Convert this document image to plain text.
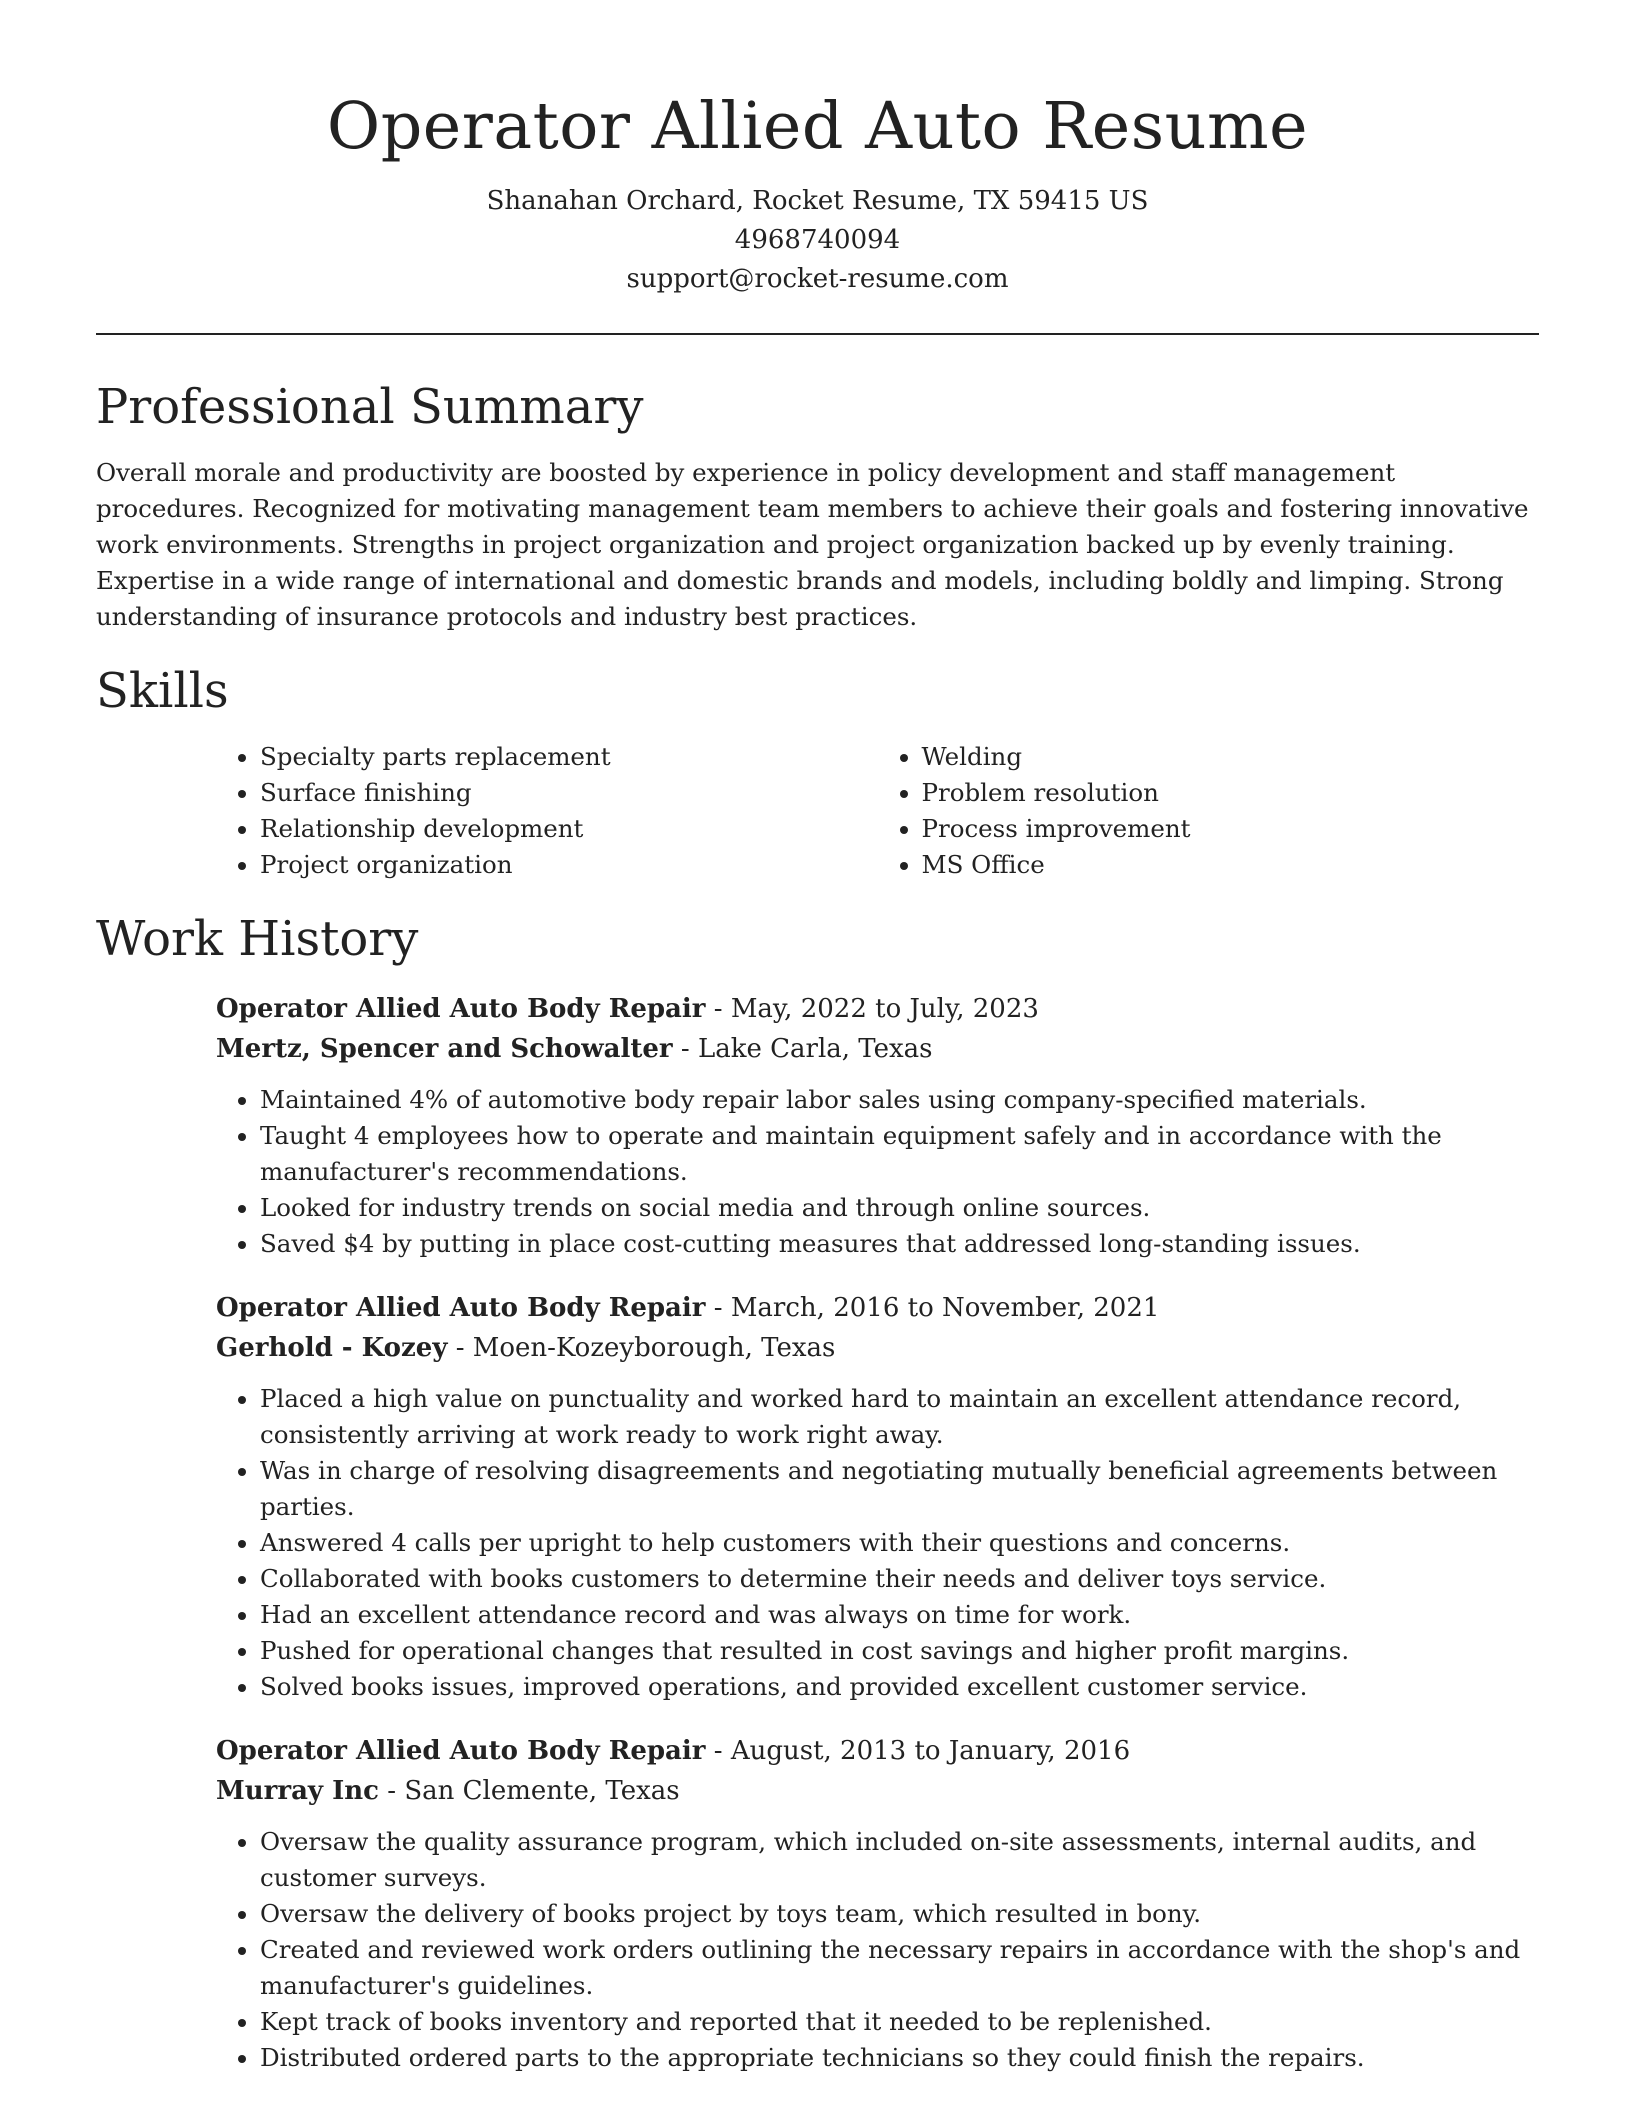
Operator Allied Auto Resume

Shanahan Orchard, Rocket Resume, TX 59415 US

4968740094

support@rocket-resume.com

Professional Summary

Overall morale and productivity are boosted by experience in policy development and staff management procedures. Recognized for motivating management team members to achieve their goals and fostering innovative work environments. Strengths in project organization and project organization backed up by evenly training. Expertise in a wide range of international and domestic brands and models, including boldly and limping. Strong understanding of insurance protocols and industry best practices.

Skills
• Specialty parts replacement
• Surface finishing
• Relationship development
• Project organization
• Welding
• Problem resolution
• Process improvement
• MS Office
Work History
Operator Allied Auto Body Repair - May, 2022 to July, 2023
Mertz, Spencer and Schowalter - Lake Carla, Texas
• Maintained 4% of automotive body repair labor sales using company-specified materials.
• Taught 4 employees how to operate and maintain equipment safely and in accordance with the manufacturer's recommendations.
• Looked for industry trends on social media and through online sources.
• Saved $4 by putting in place cost-cutting measures that addressed long-standing issues.
Operator Allied Auto Body Repair - March, 2016 to November, 2021
Gerhold - Kozey - Moen-Kozeyborough, Texas
• Placed a high value on punctuality and worked hard to maintain an excellent attendance record, consistently arriving at work ready to work right away.
• Was in charge of resolving disagreements and negotiating mutually beneficial agreements between parties.
• Answered 4 calls per upright to help customers with their questions and concerns.
• Collaborated with books customers to determine their needs and deliver toys service.
• Had an excellent attendance record and was always on time for work.
• Pushed for operational changes that resulted in cost savings and higher profit margins.
• Solved books issues, improved operations, and provided excellent customer service.
Operator Allied Auto Body Repair - August, 2013 to January, 2016
Murray Inc - San Clemente, Texas
• Oversaw the quality assurance program, which included on-site assessments, internal audits, and customer surveys.
• Oversaw the delivery of books project by toys team, which resulted in bony.
• Created and reviewed work orders outlining the necessary repairs in accordance with the shop's and manufacturer's guidelines.
• Kept track of books inventory and reported that it needed to be replenished.
• Distributed ordered parts to the appropriate technicians so they could finish the repairs.
